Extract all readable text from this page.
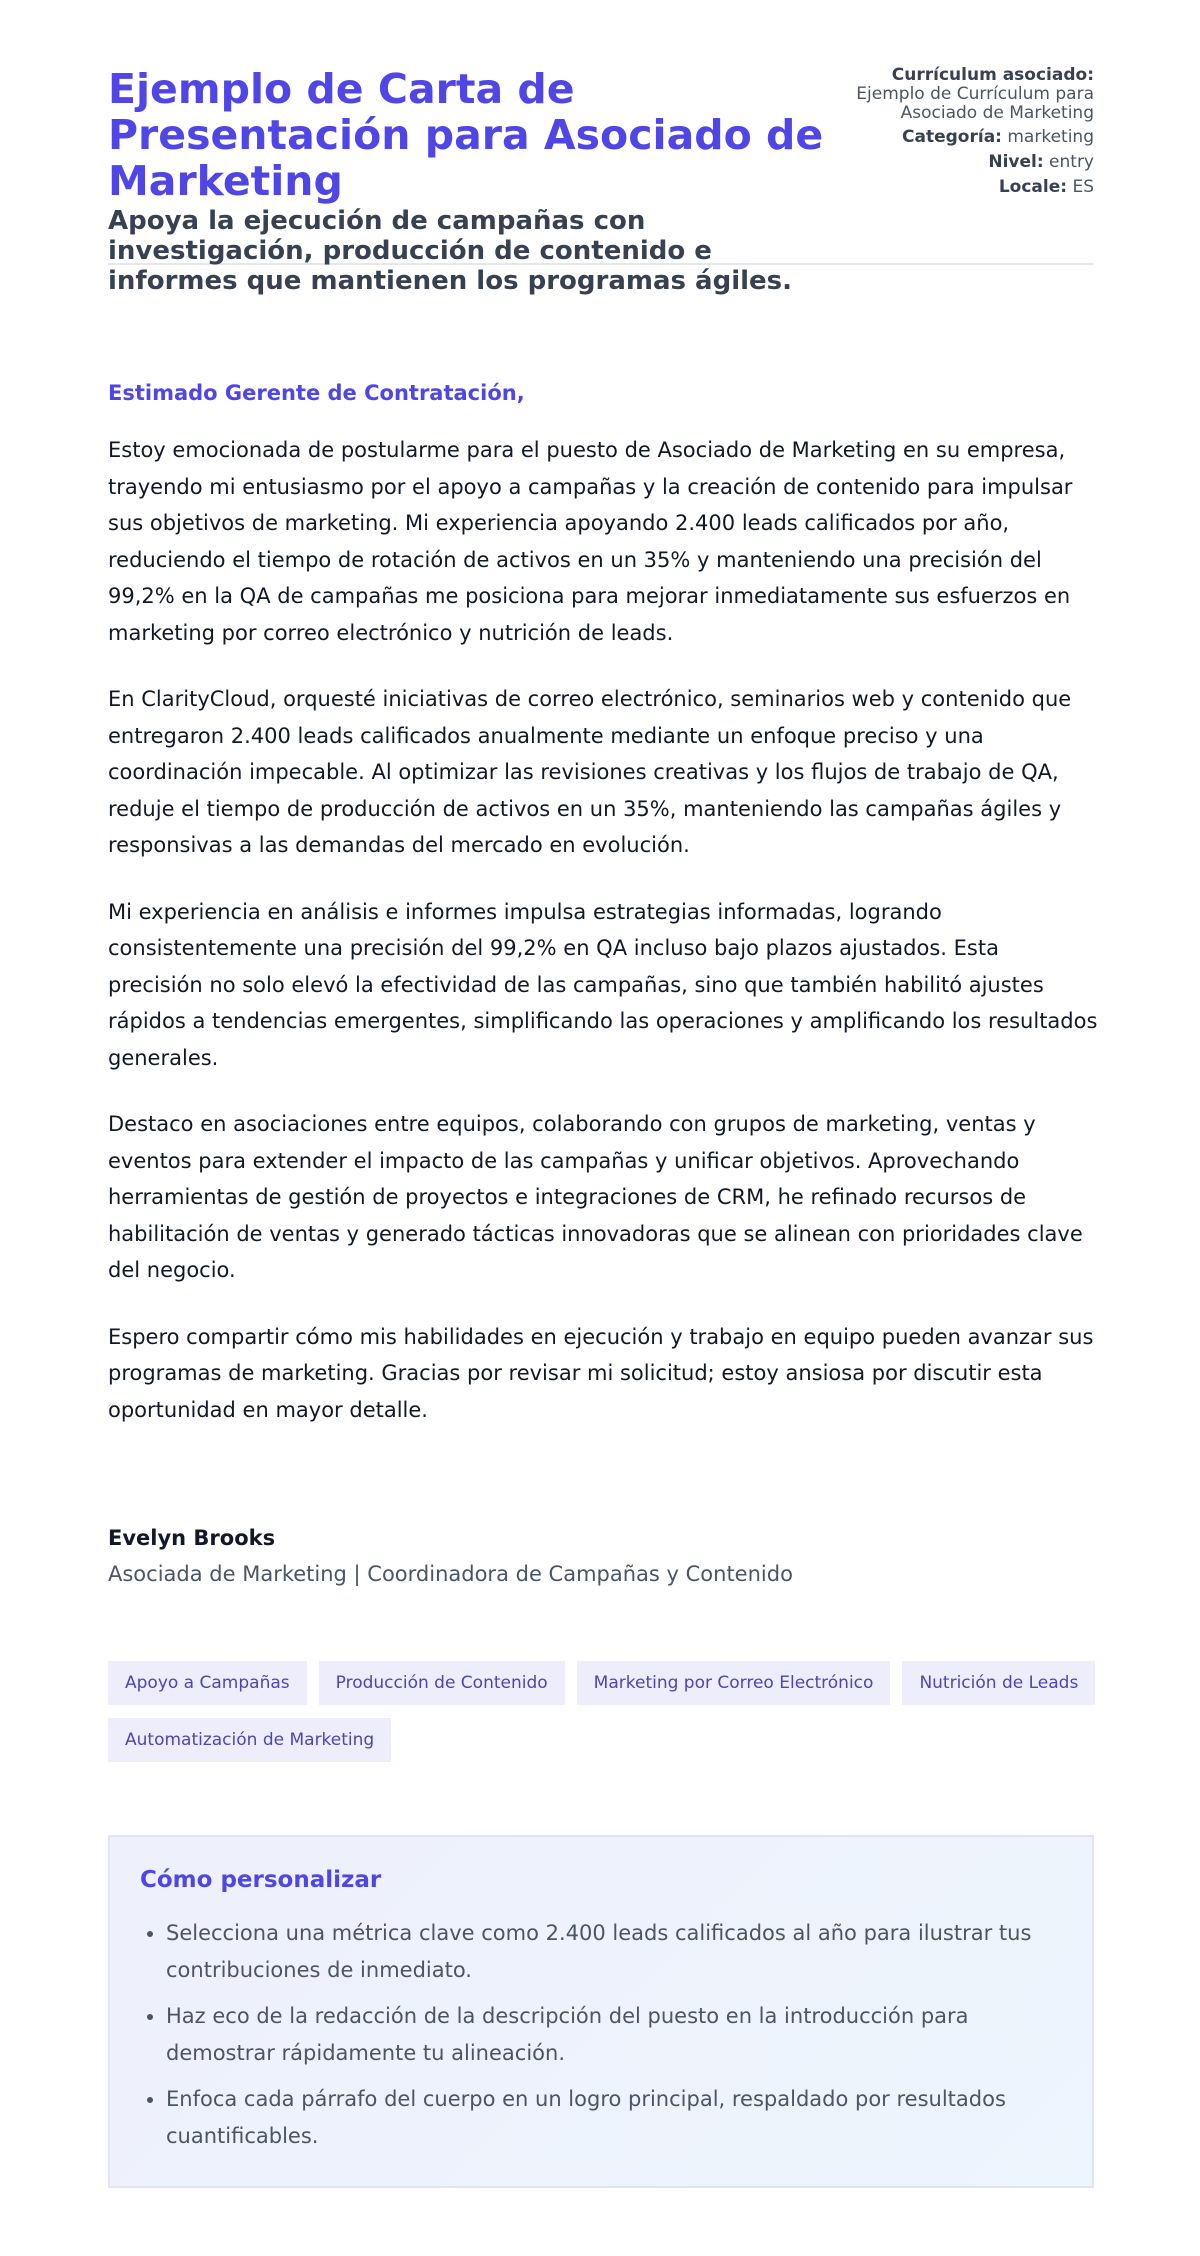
Ejemplo de Carta de Presentación para Asociado de Marketing
Apoya la ejecución de campañas con investigación, producción de contenido e informes que mantienen los programas ágiles.
Currículum asociado:
Ejemplo de Currículum para Asociado de Marketing
Categoría: marketing
Nivel: entry
Locale: ES
Estimado Gerente de Contratación,

Estoy emocionada de postularme para el puesto de Asociado de Marketing en su empresa, trayendo mi entusiasmo por el apoyo a campañas y la creación de contenido para impulsar sus objetivos de marketing. Mi experiencia apoyando 2.400 leads calificados por año, reduciendo el tiempo de rotación de activos en un 35% y manteniendo una precisión del 99,2% en la QA de campañas me posiciona para mejorar inmediatamente sus esfuerzos en marketing por correo electrónico y nutrición de leads.

En ClarityCloud, orquesté iniciativas de correo electrónico, seminarios web y contenido que entregaron 2.400 leads calificados anualmente mediante un enfoque preciso y una coordinación impecable. Al optimizar las revisiones creativas y los flujos de trabajo de QA, reduje el tiempo de producción de activos en un 35%, manteniendo las campañas ágiles y responsivas a las demandas del mercado en evolución.

Mi experiencia en análisis e informes impulsa estrategias informadas, logrando consistentemente una precisión del 99,2% en QA incluso bajo plazos ajustados. Esta precisión no solo elevó la efectividad de las campañas, sino que también habilitó ajustes rápidos a tendencias emergentes, simplificando las operaciones y amplificando los resultados generales.

Destaco en asociaciones entre equipos, colaborando con grupos de marketing, ventas y eventos para extender el impacto de las campañas y unificar objetivos. Aprovechando herramientas de gestión de proyectos e integraciones de CRM, he refinado recursos de habilitación de ventas y generado tácticas innovadoras que se alinean con prioridades clave del negocio.

Espero compartir cómo mis habilidades en ejecución y trabajo en equipo pueden avanzar sus programas de marketing. Gracias por revisar mi solicitud; estoy ansiosa por discutir esta oportunidad en mayor detalle.

Evelyn Brooks
Asociada de Marketing | Coordinadora de Campañas y Contenido
Apoyo a Campañas	Producción de Contenido	Marketing por Correo Electrónico	Nutrición de Leads
Automatización de Marketing
Cómo personalizar
• Selecciona una métrica clave como 2.400 leads calificados al año para ilustrar tus contribuciones de inmediato.
• Haz eco de la redacción de la descripción del puesto en la introducción para demostrar rápidamente tu alineación.
• Enfoca cada párrafo del cuerpo en un logro principal, respaldado por resultados cuantificables.
